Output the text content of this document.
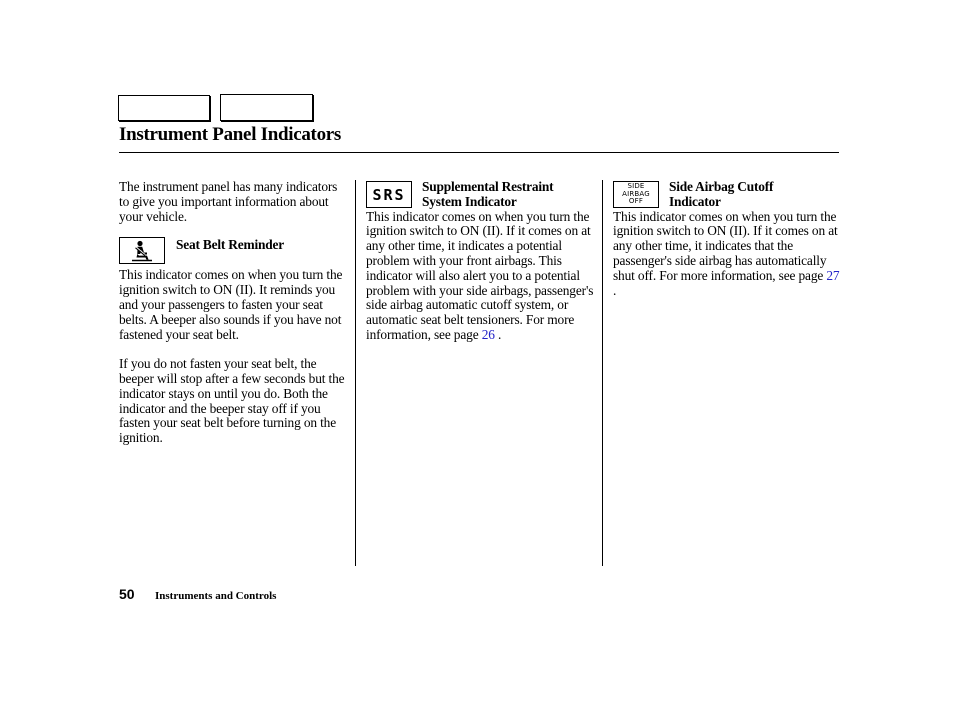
Instrument Panel Indicators

The instrument panel has many indicators to give you important information about your vehicle.

Seat Belt Reminder

This indicator comes on when you turn the ignition switch to ON (II). It reminds you and your passengers to fasten your seat belts. A beeper also sounds if you have not fastened your seat belt.

If you do not fasten your seat belt, the beeper will stop after a few seconds but the indicator stays on until you do. Both the indicator and the beeper stay off if you fasten your seat belt before turning on the ignition.

SRS Supplemental Restraint
System Indicator

This indicator comes on when you turn the ignition switch to ON (II). If it comes on at any other time, it indicates a potential problem with your front airbags. This indicator will also alert you to a potential problem with your side airbags, passenger's side airbag automatic cutoff system, or automatic seat belt tensioners. For more information, see page 26 .

SIDE
AIRBAG
OFF
Side Airbag Cutoff
Indicator

This indicator comes on when you turn the ignition switch to ON (II). If it comes on at any other time, it indicates that the passenger's side airbag has automatically shut off. For more information, see page 27 .

50 Instruments and Controls
